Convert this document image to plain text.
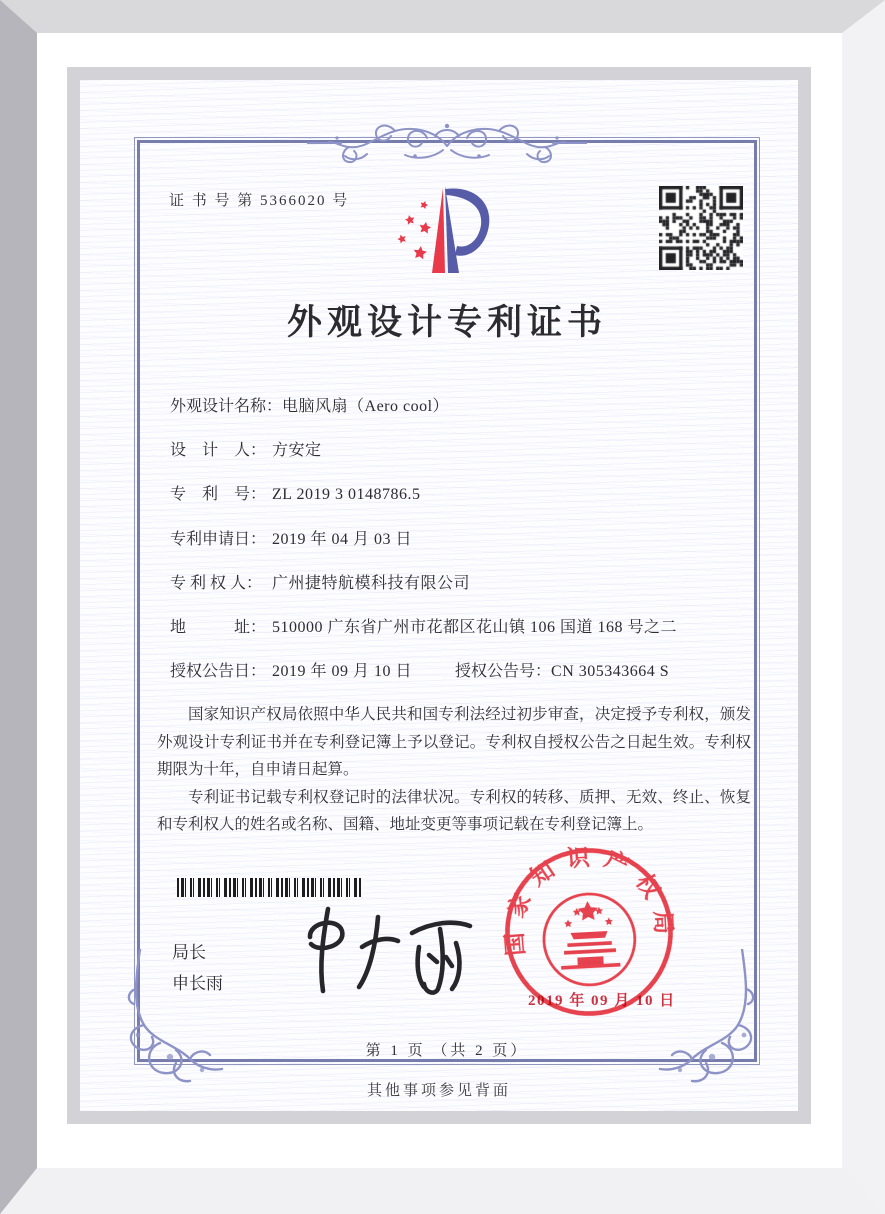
证 书 号 第 5366020 号
外观设计专利证书
外观设计名称：电脑风扇（Aero cool）
设　计　人： 方安定
专　利　号： ZL 2019 3 0148786.5
专利申请日： 2019 年 04 月 03 日
专 利 权 人： 广州捷特航模科技有限公司
地　　　址： 510000 广东省广州市花都区花山镇 106 国道 168 号之二
授权公告日： 2019 年 09 月 10 日	授权公告号：CN 305343664 S

国家知识产权局依照中华人民共和国专利法经过初步审查，决定授予专利权，颁发外观设计专利证书并在专利登记簿上予以登记。专利权自授权公告之日起生效。专利权期限为十年，自申请日起算。

专利证书记载专利权登记时的法律状况。专利权的转移、质押、无效、终止、恢复和专利权人的姓名或名称、国籍、地址变更等事项记载在专利登记簿上。

局长
申长雨
国家知识产权局
2019 年 09 月 10 日
第 1 页 （共 2 页）
其他事项参见背面
